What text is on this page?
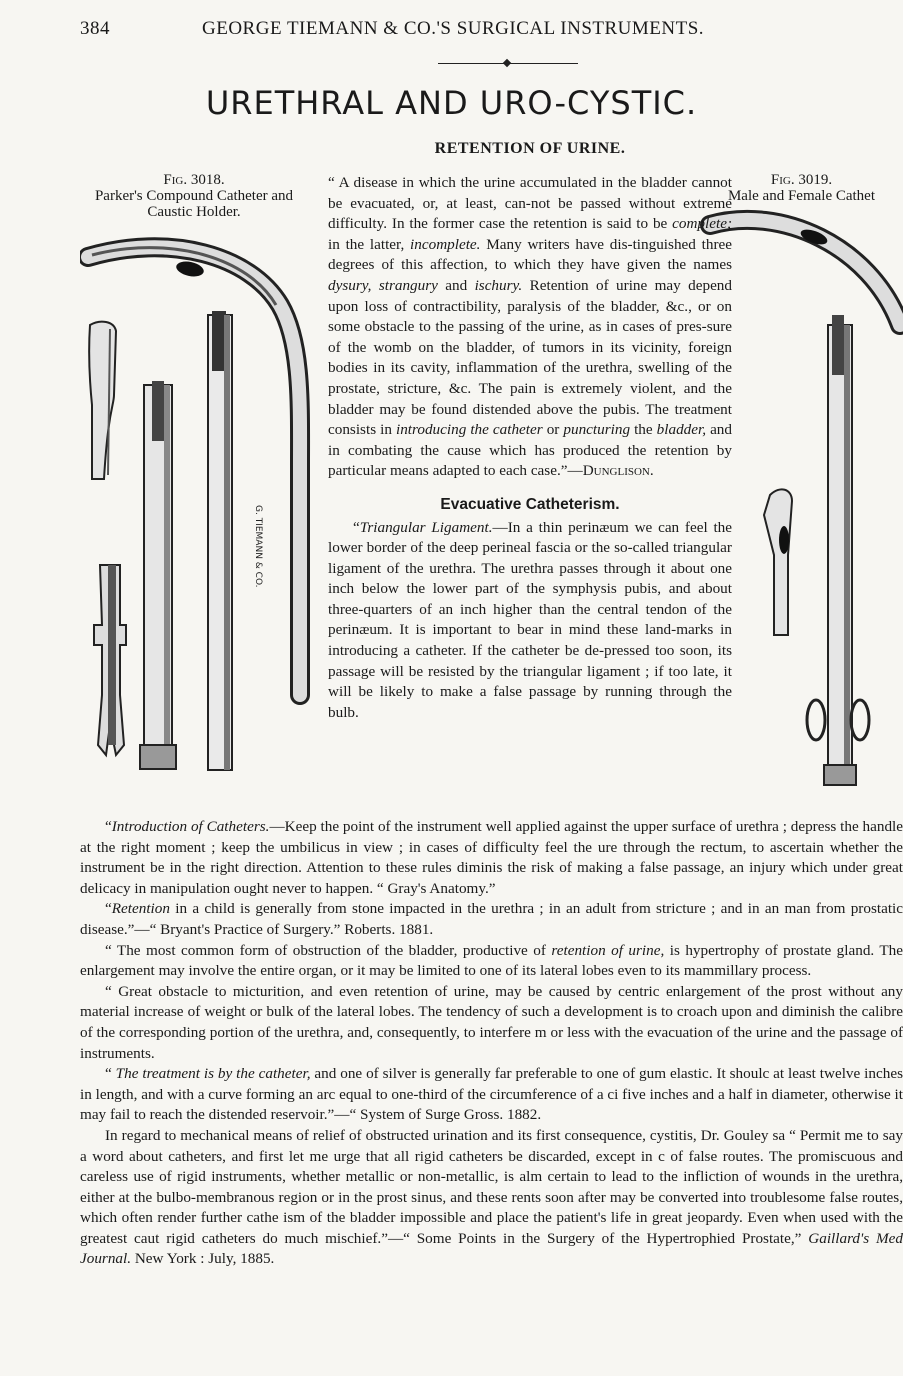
384	GEORGE TIEMANN & CO.'S SURGICAL INSTRUMENTS.
URETHRAL AND URO-CYSTIC.
RETENTION OF URINE.
Fig. 3018.
Parker's Compound Catheter and Caustic Holder.
Fig. 3019.
Male and Female Cathet
G. TIEMANN & CO.

“ A disease in which the urine accumulated in the bladder cannot be evacuated, or, at least, can-not be passed without extreme difficulty. In the former case the retention is said to be complete; in the latter, incomplete. Many writers have dis-tinguished three degrees of this affection, to which they have given the names dysury, strangury and ischury. Retention of urine may depend upon loss of contractibility, paralysis of the bladder, &c., or on some obstacle to the passing of the urine, as in cases of pres-sure of the womb on the bladder, of tumors in its vicinity, foreign bodies in its cavity, inflammation of the urethra, swelling of the prostate, stricture, &c. The pain is extremely violent, and the bladder may be found distended above the pubis. The treatment consists in introducing the catheter or puncturing the bladder, and in combating the cause which has produced the retention by particular means adapted to each case.”—Dunglison.

Evacuative Catheterism.

“Triangular Ligament.—In a thin perinæum we can feel the lower border of the deep perineal fascia or the so-called triangular ligament of the urethra. The urethra passes through it about one inch below the lower part of the symphysis pubis, and about three-quarters of an inch higher than the central tendon of the perinæum. It is important to bear in mind these land-marks in introducing a catheter. If the catheter be de-pressed too soon, its passage will be resisted by the triangular ligament ; if too late, it will be likely to make a false passage by running through the bulb.

“Introduction of Catheters.—Keep the point of the instrument well applied against the upper surface of urethra ; depress the handle at the right moment ; keep the umbilicus in view ; in cases of difficulty feel the ure through the rectum, to ascertain whether the instrument be in the right direction. Attention to these rules diminis the risk of making a false passage, an injury which under great delicacy in manipulation ought never to happen. “ Gray's Anatomy.”

“Retention in a child is generally from stone impacted in the urethra ; in an adult from stricture ; and in an man from prostatic disease.”—“ Bryant's Practice of Surgery.” Roberts. 1881.

“ The most common form of obstruction of the bladder, productive of retention of urine, is hypertrophy of prostate gland. The enlargement may involve the entire organ, or it may be limited to one of its lateral lobes even to its mammillary process.

“ Great obstacle to micturition, and even retention of urine, may be caused by centric enlargement of the prost without any material increase of weight or bulk of the lateral lobes. The tendency of such a development is to croach upon and diminish the calibre of the corresponding portion of the urethra, and, consequently, to interfere m or less with the evacuation of the urine and the passage of instruments.

“ The treatment is by the catheter, and one of silver is generally far preferable to one of gum elastic. It shoulc at least twelve inches in length, and with a curve forming an arc equal to one-third of the circumference of a ci five inches and a half in diameter, otherwise it may fail to reach the distended reservoir.”—“ System of Surge Gross. 1882.

In regard to mechanical means of relief of obstructed urination and its first consequence, cystitis, Dr. Gouley sa “ Permit me to say a word about catheters, and first let me urge that all rigid catheters be discarded, except in c of false routes. The promiscuous and careless use of rigid instruments, whether metallic or non-metallic, is alm certain to lead to the infliction of wounds in the urethra, either at the bulbo-membranous region or in the prost sinus, and these rents soon after may be converted into troublesome false routes, which often render further cathe ism of the bladder impossible and place the patient's life in great jeopardy. Even when used with the greatest caut rigid catheters do much mischief.”—“ Some Points in the Surgery of the Hypertrophied Prostate,” Gaillard's Med Journal. New York : July, 1885.
